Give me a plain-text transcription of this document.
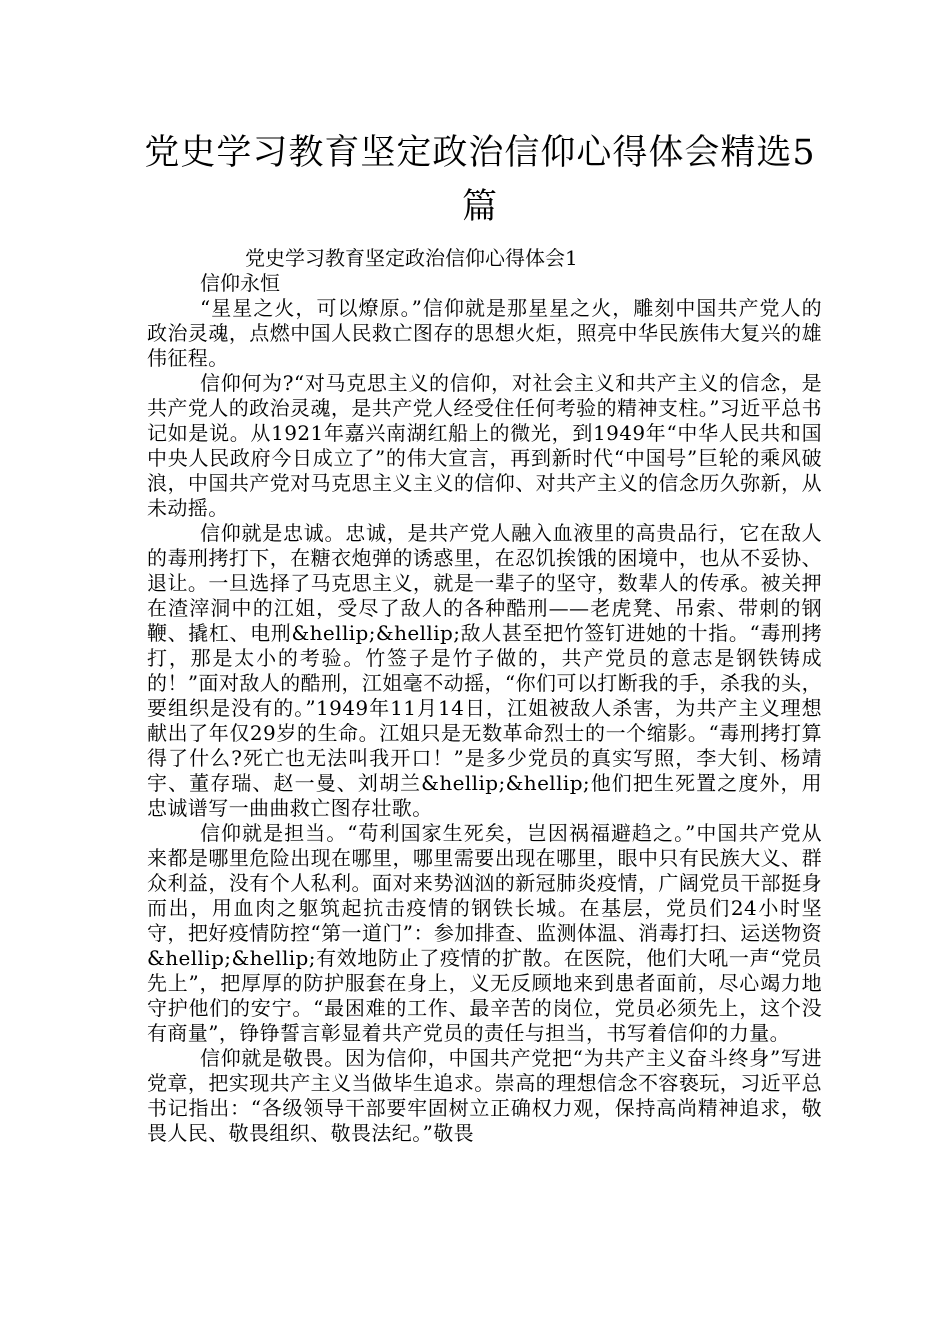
党史学习教育坚定政治信仰心得体会精选5篇

党史学习教育坚定政治信仰心得体会1

信仰永恒

“星星之火，可以燎原。”信仰就是那星星之火，雕刻中国共产党人的政治灵魂，点燃中国人民救亡图存的思想火炬，照亮中华民族伟大复兴的雄伟征程。

信仰何为?“对马克思主义的信仰，对社会主义和共产主义的信念，是共产党人的政治灵魂，是共产党人经受住任何考验的精神支柱。”习近平总书记如是说。从1921年嘉兴南湖红船上的微光，到1949年“中华人民共和国中央人民政府今日成立了”的伟大宣言，再到新时代“中国号”巨轮的乘风破浪，中国共产党对马克思主义主义的信仰、对共产主义的信念历久弥新，从未动摇。

信仰就是忠诚。忠诚，是共产党人融入血液里的高贵品行，它在敌人的毒刑拷打下，在糖衣炮弹的诱惑里，在忍饥挨饿的困境中，也从不妥协、退让。一旦选择了马克思主义，就是一辈子的坚守，数辈人的传承。被关押在渣滓洞中的江姐，受尽了敌人的各种酷刑——老虎凳、吊索、带刺的钢鞭、撬杠、电刑&hellip;&hellip;敌人甚至把竹签钉进她的十指。“毒刑拷打，那是太小的考验。竹签子是竹子做的，共产党员的意志是钢铁铸成的！”面对敌人的酷刑，江姐毫不动摇，“你们可以打断我的手，杀我的头，要组织是没有的。”1949年11月14日，江姐被敌人杀害，为共产主义理想献出了年仅29岁的生命。江姐只是无数革命烈士的一个缩影。“毒刑拷打算得了什么?死亡也无法叫我开口！”是多少党员的真实写照，李大钊、杨靖宇、董存瑞、赵一曼、刘胡兰&hellip;&hellip;他们把生死置之度外，用忠诚谱写一曲曲救亡图存壮歌。

信仰就是担当。“苟利国家生死矣，岂因祸福避趋之。”中国共产党从来都是哪里危险出现在哪里，哪里需要出现在哪里，眼中只有民族大义、群众利益，没有个人私利。面对来势汹汹的新冠肺炎疫情，广阔党员干部挺身而出，用血肉之躯筑起抗击疫情的钢铁长城。在基层，党员们24小时坚守，把好疫情防控“第一道门”：参加排查、监测体温、消毒打扫、运送物资&hellip;&hellip;有效地防止了疫情的扩散。在医院，他们大吼一声“党员先上”，把厚厚的防护服套在身上，义无反顾地来到患者面前，尽心竭力地守护他们的安宁。“最困难的工作、最辛苦的岗位，党员必须先上，这个没有商量”，铮铮誓言彰显着共产党员的责任与担当，书写着信仰的力量。

信仰就是敬畏。因为信仰，中国共产党把“为共产主义奋斗终身”写进党章，把实现共产主义当做毕生追求。崇高的理想信念不容亵玩，习近平总书记指出：“各级领导干部要牢固树立正确权力观，保持高尚精神追求，敬畏人民、敬畏组织、敬畏法纪。”敬畏
